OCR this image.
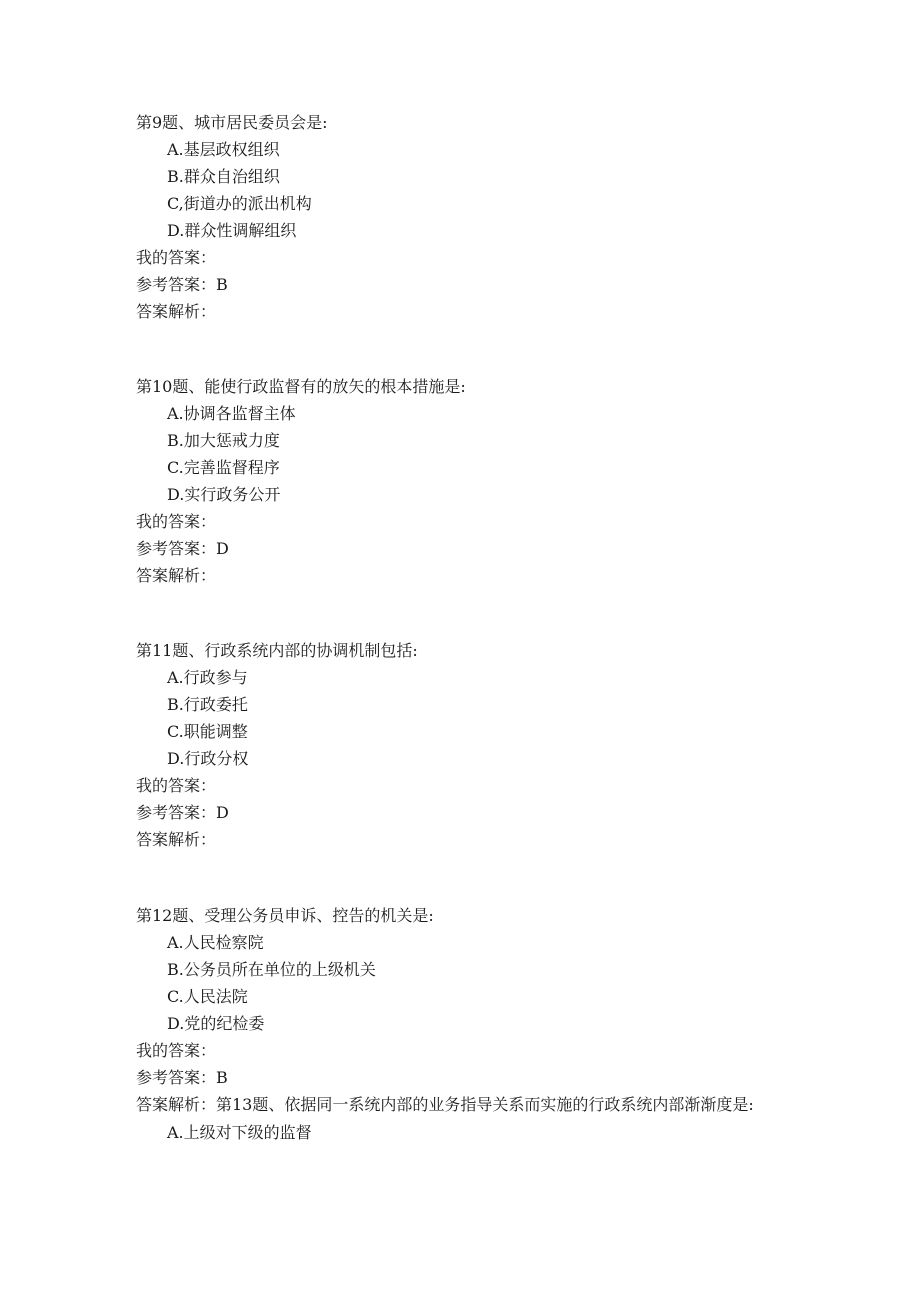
第9题、城市居民委员会是:
A.基层政权组织
B.群众自治组织
C,街道办的派出机构
D.群众性调解组织
我的答案：
参考答案：B
答案解析：
第10题、能使行政监督有的放矢的根本措施是:
A.协调各监督主体
B.加大惩戒力度
C.完善监督程序
D.实行政务公开
我的答案：
参考答案：D
答案解析：
第11题、行政系统内部的协调机制包括:
A.行政参与
B.行政委托
C.职能调整
D.行政分权
我的答案：
参考答案：D
答案解析：
第12题、受理公务员申诉、控告的机关是:
A.人民检察院
B.公务员所在单位的上级机关
C.人民法院
D.党的纪检委
我的答案：
参考答案：B
答案解析：第13题、依据同一系统内部的业务指导关系而实施的行政系统内部渐渐度是:
A.上级对下级的监督
